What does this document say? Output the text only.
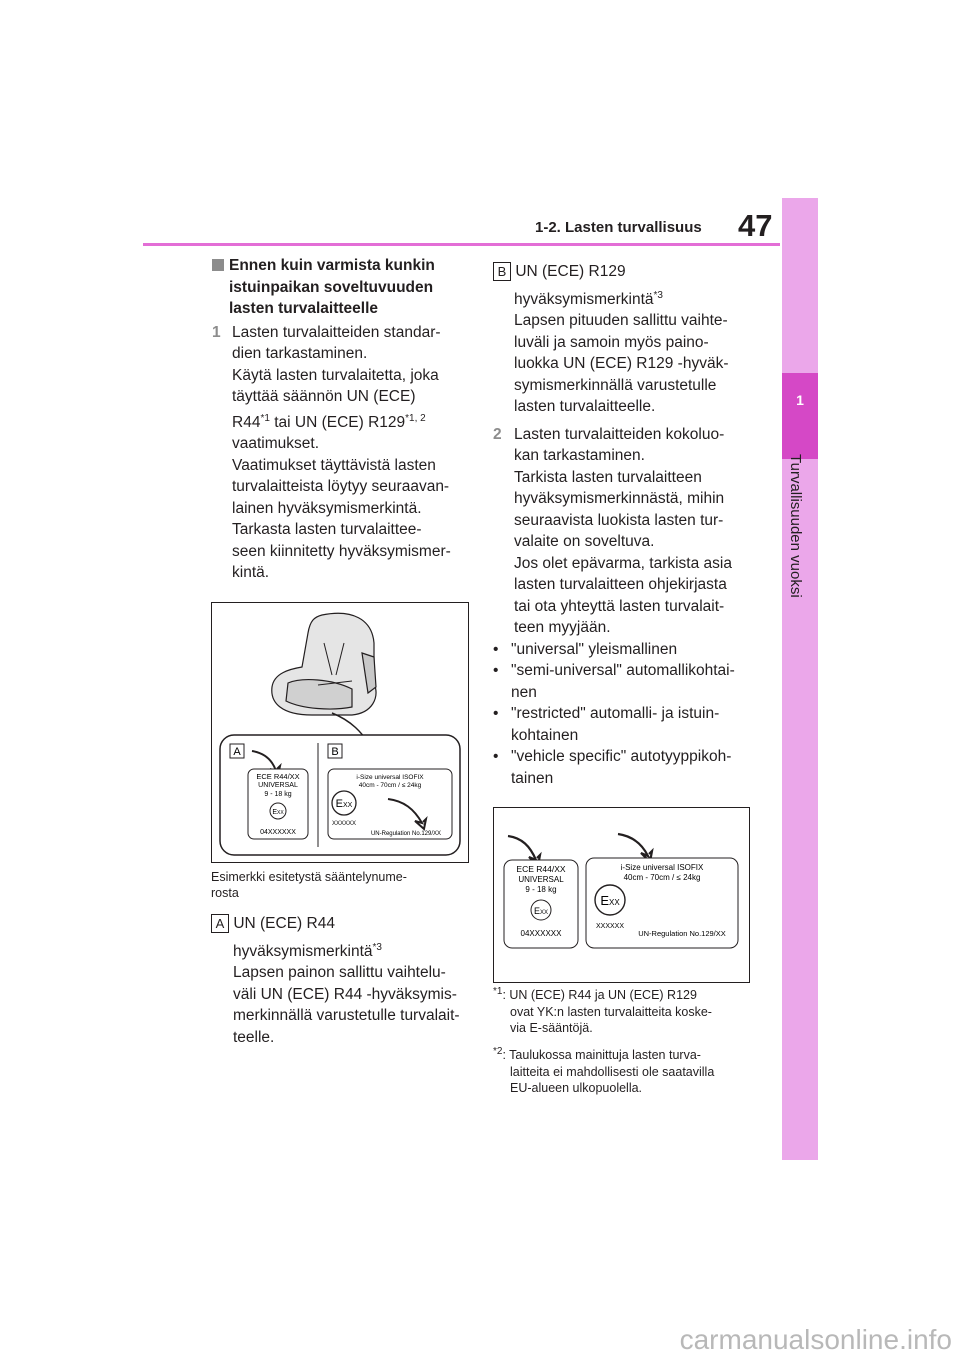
1-2. Lasten turvallisuus 47
1
Turvallisuuden vuoksi
Ennen kuin varmista kunkin
istuinpaikan soveltuvuuden
lasten turvalaitteelle
1 Lasten turvalaitteiden standar-
dien tarkastaminen.
Käytä lasten turvalaitetta, joka
täyttää säännön UN (ECE)
R44$^{*1}$ tai UN (ECE) R129$^{*1, 2}$
vaatimukset.
Vaatimukset täyttävistä lasten
turvalaitteista löytyy seuraavan-
lainen hyväksymismerkintä.
Tarkasta lasten turvalaittee-
seen kiinnitetty hyväksymismer-
kintä.
A	B
ECE R44/XX
UNIVERSAL
9 - 18 kg
EXX
04XXXXXX
i-Size universal ISOFIX
40cm - 70cm / ≤ 24kg
EXX
XXXXXX
UN-Regulation No.129/XX
Esimerkki esitetystä sääntelynume-
rosta
A UN (ECE) R44
hyväksymismerkintä$^{*3}$
Lapsen painon sallittu vaihtelu-
väli UN (ECE) R44 -hyväksymis-
merkinnällä varustetulle turvalait-
teelle.
B UN (ECE) R129
hyväksymismerkintä$^{*3}$
Lapsen pituuden sallittu vaihte-
luväli ja samoin myös paino-
luokka UN (ECE) R129 -hyväk-
symismerkinnällä varustetulle
lasten turvalaitteelle.
2 Lasten turvalaitteiden kokoluo-
kan tarkastaminen.
Tarkista lasten turvalaitteen
hyväksymismerkinnästä, mihin
seuraavista luokista lasten tur-
valaite on soveltuva.
Jos olet epävarma, tarkista asia
lasten turvalaitteen ohjekirjasta
tai ota yhteyttä lasten turvalait-
teen myyjään.
• "universal" yleismallinen
• "semi-universal" automallikohtai-
nen
• "restricted" automalli- ja istuin-
kohtainen
• "vehicle specific" autotyyppikoh-
tainen
ECE R44/XX
UNIVERSAL
9 - 18 kg
EXX
04XXXXXX
i-Size universal ISOFIX
40cm - 70cm / ≤ 24kg
EXX
XXXXXX
UN-Regulation No.129/XX
$^{*1}$: UN (ECE) R44 ja UN (ECE) R129
ovat YK:n lasten turvalaitteita koske-
via E-sääntöjä.
$^{*2}$: Taulukossa mainittuja lasten turva-
laitteita ei mahdollisesti ole saatavilla
EU-alueen ulkopuolella.
carmanualsonline.info
